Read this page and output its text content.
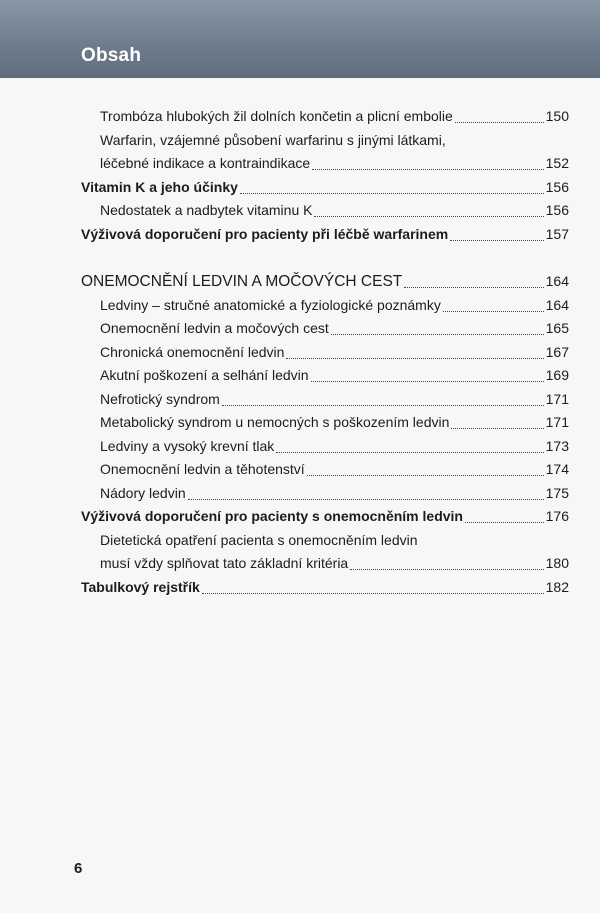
Obsah
Trombóza hlubokých žil dolních končetin a plicní embolie	150
Warfarin, vzájemné působení warfarinu s jinými látkami,
léčebné indikace a kontraindikace	152
Vitamin K a jeho účinky	156
Nedostatek a nadbytek vitaminu K	156
Výživová doporučení pro pacienty při léčbě warfarinem	157
ONEMOCNĚNÍ LEDVIN A MOČOVÝCH CEST	164
Ledviny – stručné anatomické a fyziologické poznámky	164
Onemocnění ledvin a močových cest	165
Chronická onemocnění ledvin	167
Akutní poškození a selhání ledvin	169
Nefrotický syndrom	171
Metabolický syndrom u nemocných s poškozením ledvin	171
Ledviny a vysoký krevní tlak	173
Onemocnění ledvin a těhotenství	174
Nádory ledvin	175
Výživová doporučení pro pacienty s onemocněním ledvin	176
Dietetická opatření pacienta s onemocněním ledvin
musí vždy splňovat tato základní kritéria	180
Tabulkový rejstřík	182
6
